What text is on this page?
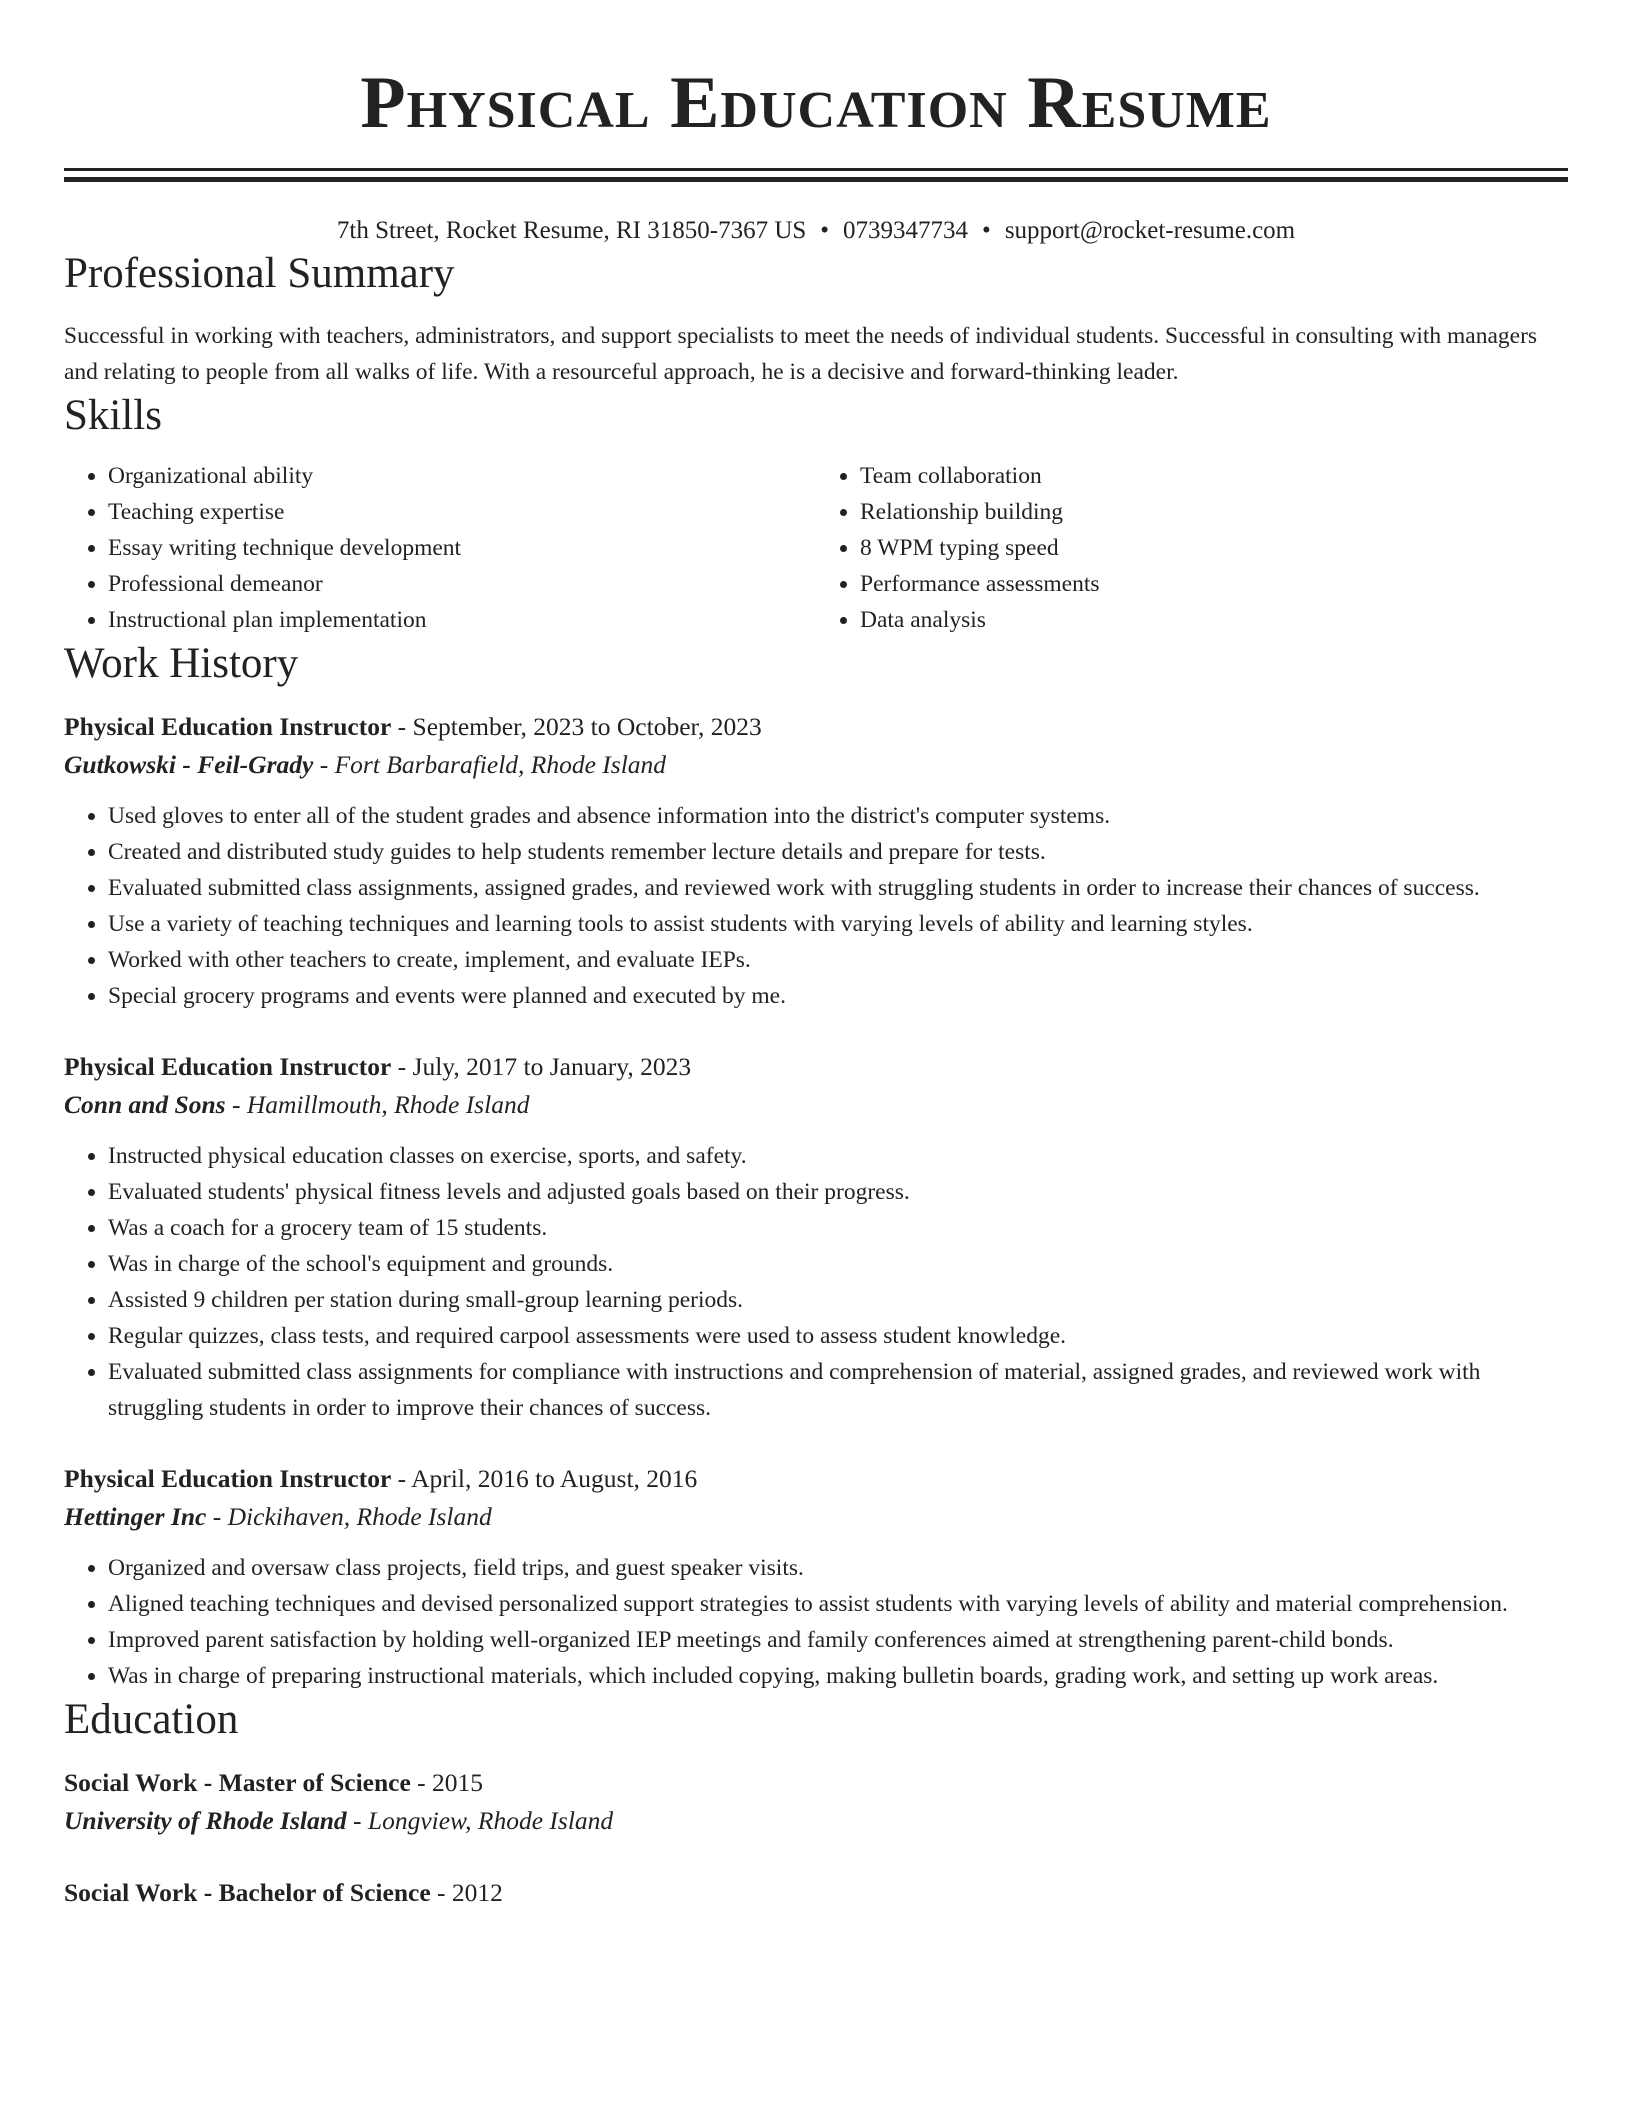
Physical Education Resume
7th Street, Rocket Resume, RI 31850-7367 US • 0739347734 • support@rocket-resume.com
Professional Summary

Successful in working with teachers, administrators, and support specialists to meet the needs of individual students. Successful in consulting with managers and relating to people from all walks of life. With a resourceful approach, he is a decisive and forward-thinking leader.

Skills
• Organizational ability
• Teaching expertise
• Essay writing technique development
• Professional demeanor
• Instructional plan implementation
• Team collaboration
• Relationship building
• 8 WPM typing speed
• Performance assessments
• Data analysis
Work History
Physical Education Instructor - September, 2023 to October, 2023
Gutkowski - Feil-Grady - Fort Barbarafield, Rhode Island
• Used gloves to enter all of the student grades and absence information into the district's computer systems.
• Created and distributed study guides to help students remember lecture details and prepare for tests.
• Evaluated submitted class assignments, assigned grades, and reviewed work with struggling students in order to increase their chances of success.
• Use a variety of teaching techniques and learning tools to assist students with varying levels of ability and learning styles.
• Worked with other teachers to create, implement, and evaluate IEPs.
• Special grocery programs and events were planned and executed by me.
Physical Education Instructor - July, 2017 to January, 2023
Conn and Sons - Hamillmouth, Rhode Island
• Instructed physical education classes on exercise, sports, and safety.
• Evaluated students' physical fitness levels and adjusted goals based on their progress.
• Was a coach for a grocery team of 15 students.
• Was in charge of the school's equipment and grounds.
• Assisted 9 children per station during small-group learning periods.
• Regular quizzes, class tests, and required carpool assessments were used to assess student knowledge.
• Evaluated submitted class assignments for compliance with instructions and comprehension of material, assigned grades, and reviewed work with struggling students in order to improve their chances of success.
Physical Education Instructor - April, 2016 to August, 2016
Hettinger Inc - Dickihaven, Rhode Island
• Organized and oversaw class projects, field trips, and guest speaker visits.
• Aligned teaching techniques and devised personalized support strategies to assist students with varying levels of ability and material comprehension.
• Improved parent satisfaction by holding well-organized IEP meetings and family conferences aimed at strengthening parent-child bonds.
• Was in charge of preparing instructional materials, which included copying, making bulletin boards, grading work, and setting up work areas.
Education
Social Work - Master of Science - 2015
University of Rhode Island - Longview, Rhode Island
Social Work - Bachelor of Science - 2012
